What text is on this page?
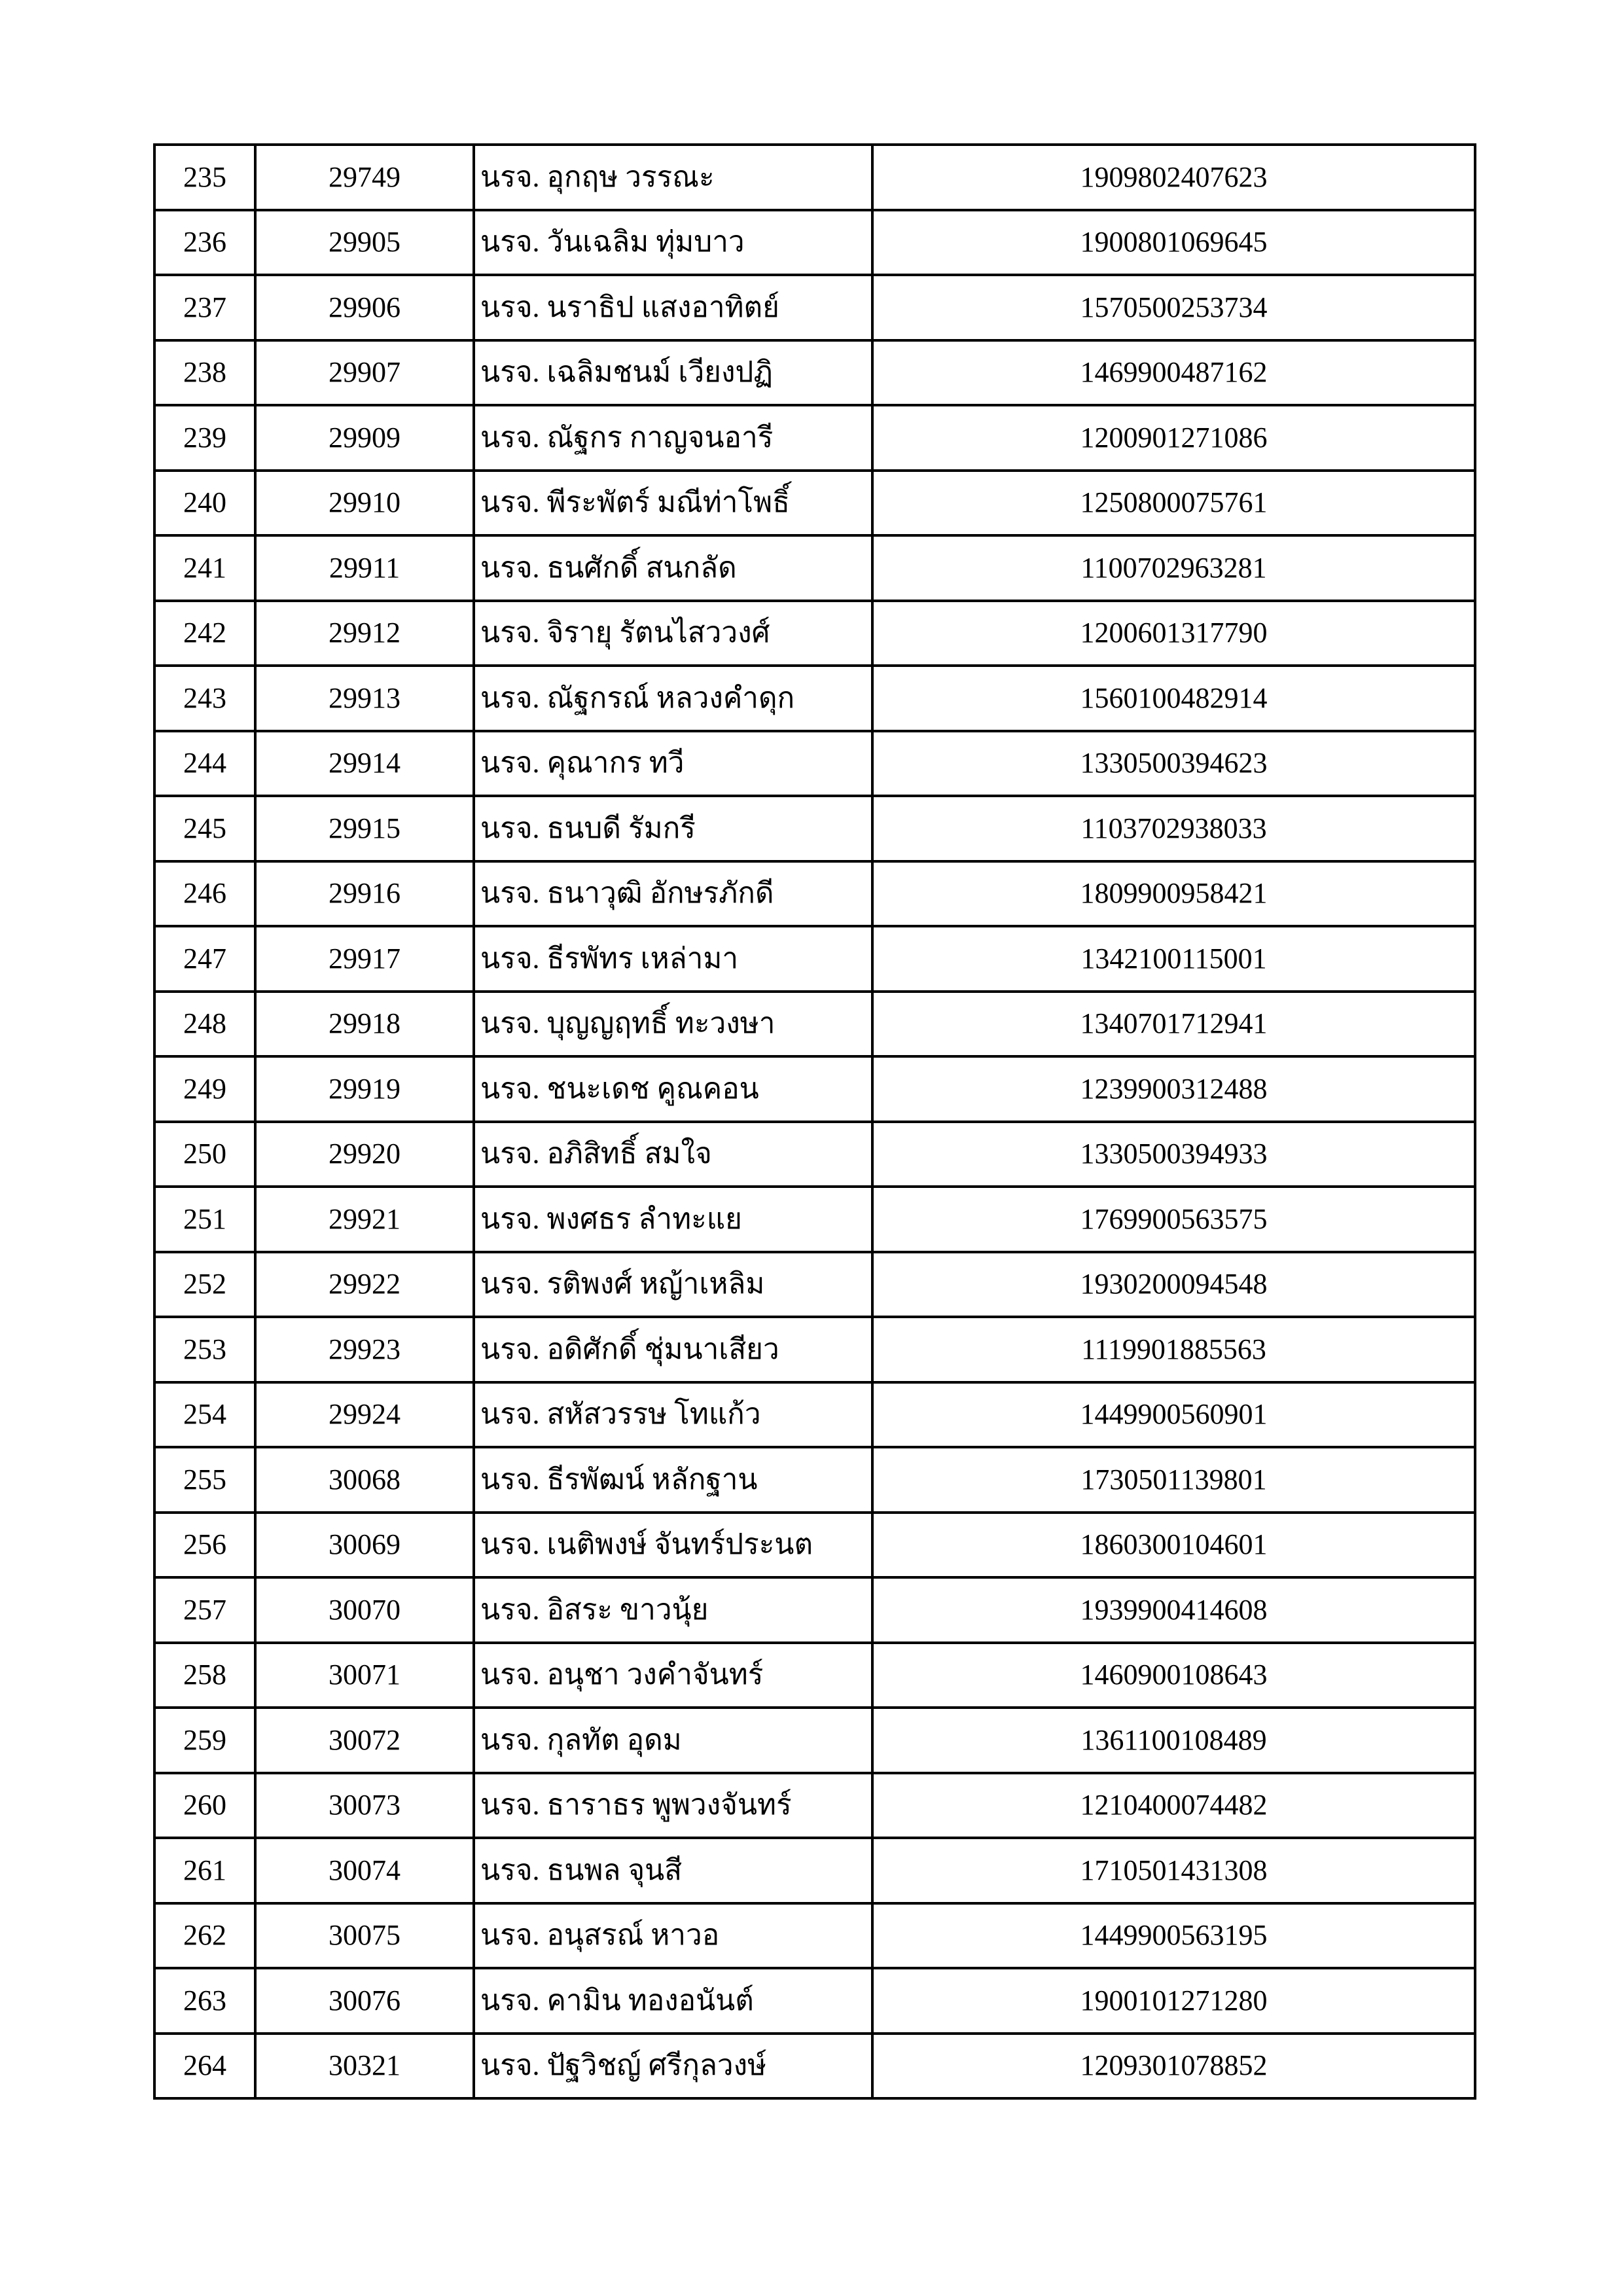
235	29749	นรจ. อุกฤษ วรรณะ	1909802407623
236	29905	นรจ. วันเฉลิม ทุ่มบาว	1900801069645
237	29906	นรจ. นราธิป แสงอาทิตย์	1570500253734
238	29907	นรจ. เฉลิมชนม์ เวียงปฏิ	1469900487162
239	29909	นรจ. ณัฐกร กาญจนอารี	1200901271086
240	29910	นรจ. พีระพัตร์ มณีท่าโพธิ์	1250800075761
241	29911	นรจ. ธนศักดิ์ สนกลัด	1100702963281
242	29912	นรจ. จิรายุ รัตนไสววงศ์	1200601317790
243	29913	นรจ. ณัฐกรณ์ หลวงคำดุก	1560100482914
244	29914	นรจ. คุณากร ทวี	1330500394623
245	29915	นรจ. ธนบดี รัมกรี	1103702938033
246	29916	นรจ. ธนาวุฒิ อักษรภักดี	1809900958421
247	29917	นรจ. ธีรพัทร เหล่ามา	1342100115001
248	29918	นรจ. บุญญฤทธิ์ ทะวงษา	1340701712941
249	29919	นรจ. ชนะเดช คูณคอน	1239900312488
250	29920	นรจ. อภิสิทธิ์ สมใจ	1330500394933
251	29921	นรจ. พงศธร ลำทะแย	1769900563575
252	29922	นรจ. รติพงศ์ หญ้าเหลิม	1930200094548
253	29923	นรจ. อดิศักดิ์ ชุ่มนาเสียว	1119901885563
254	29924	นรจ. สหัสวรรษ โทแก้ว	1449900560901
255	30068	นรจ. ธีรพัฒน์ หลักฐาน	1730501139801
256	30069	นรจ. เนติพงษ์ จันทร์ประนต	1860300104601
257	30070	นรจ. อิสระ ขาวนุ้ย	1939900414608
258	30071	นรจ. อนุชา วงคำจันทร์	1460900108643
259	30072	นรจ. กุลทัต อุดม	1361100108489
260	30073	นรจ. ธาราธร พูพวงจันทร์	1210400074482
261	30074	นรจ. ธนพล จุนสี	1710501431308
262	30075	นรจ. อนุสรณ์ หาวอ	1449900563195
263	30076	นรจ. คามิน ทองอนันต์	1900101271280
264	30321	นรจ. ปัฐวิชญ์ ศรีกุลวงษ์	1209301078852
